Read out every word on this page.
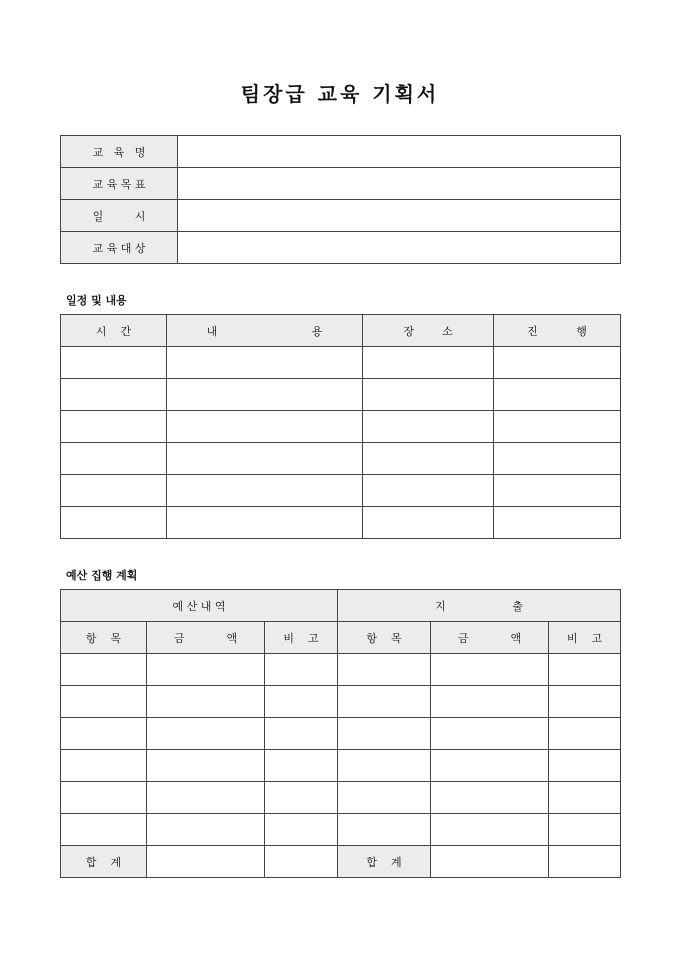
팀장급 교육 기획서
교   육   명	
교 육 목 표	
일         시	
교 육 대 상	
일정 및 내용
시    간	내                           용	장        소	진           행

예산 집행 계획
예 산 내 역			지                   출		
항    목	금            액	비    고	항    목	금            액	비    고

합    계			합    계		
